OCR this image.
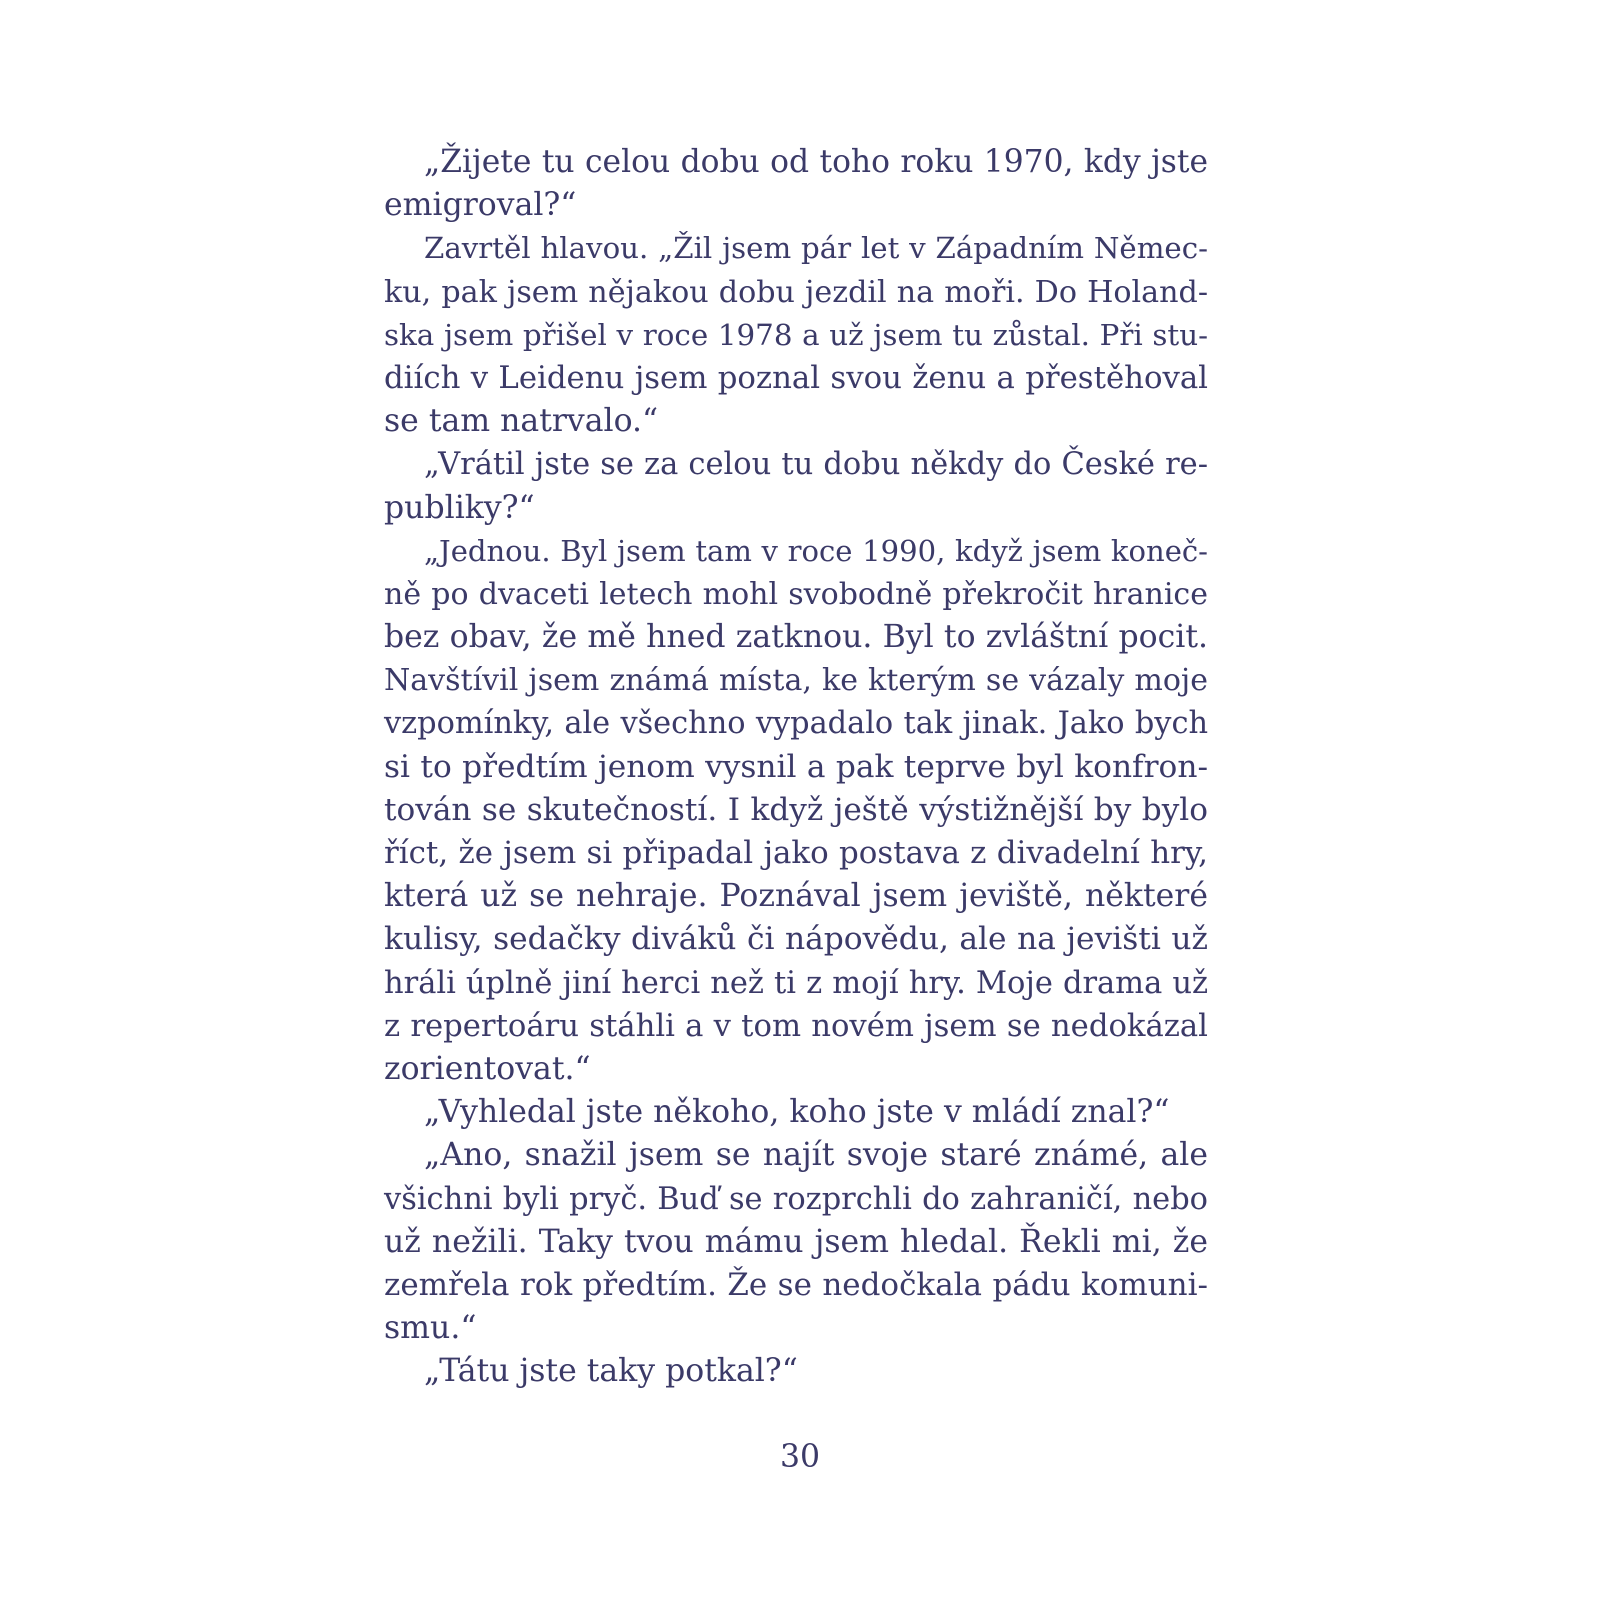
„Žijete tu celou dobu od toho roku 1970, kdy jste
emigroval?“
Zavrtěl hlavou. „Žil jsem pár let v Západním Němec-
ku, pak jsem nějakou dobu jezdil na moři. Do Holand-
ska jsem přišel v roce 1978 a už jsem tu zůstal. Při stu-
diích v Leidenu jsem poznal svou ženu a přestěhoval
se tam natrvalo.“
„Vrátil jste se za celou tu dobu někdy do České re-
publiky?“
„Jednou. Byl jsem tam v roce 1990, když jsem koneč-
ně po dvaceti letech mohl svobodně překročit hranice
bez obav, že mě hned zatknou. Byl to zvláštní pocit.
Navštívil jsem známá místa, ke kterým se vázaly moje
vzpomínky, ale všechno vypadalo tak jinak. Jako bych
si to předtím jenom vysnil a pak teprve byl konfron-
tován se skutečností. I když ještě výstižnější by bylo
říct, že jsem si připadal jako postava z divadelní hry,
která už se nehraje. Poznával jsem jeviště, některé
kulisy, sedačky diváků či nápovědu, ale na jevišti už
hráli úplně jiní herci než ti z mojí hry. Moje drama už
z repertoáru stáhli a v tom novém jsem se nedokázal
zorientovat.“
„Vyhledal jste někoho, koho jste v mládí znal?“
„Ano, snažil jsem se najít svoje staré známé, ale
všichni byli pryč. Buď se rozprchli do zahraničí, nebo
už nežili. Taky tvou mámu jsem hledal. Řekli mi, že
zemřela rok předtím. Že se nedočkala pádu komuni-
smu.“
„Tátu jste taky potkal?“
30
